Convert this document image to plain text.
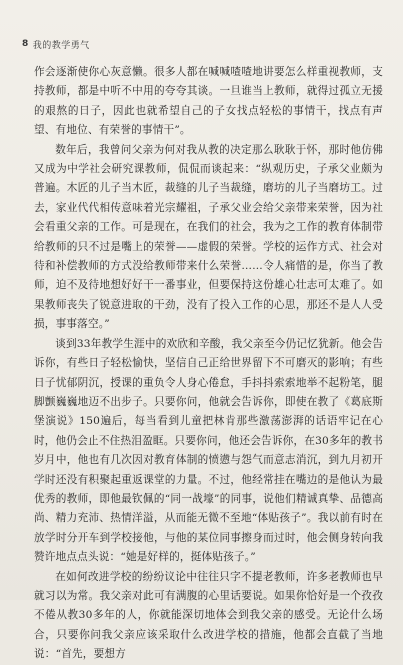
8 我的教学勇气

作会逐渐使你心灰意懒。很多人都在喊喊喳喳地讲要怎么样重视教师，支持教师，都是中听不中用的夸夸其谈。一旦谁当上教师，就得过孤立无援的艰熬的日子，因此也就希望自己的子女找点轻松的事情干，找点有声望、有地位、有荣誉的事情干”。

数年后，我曾问父亲为何对我从教的决定那么耿耿于怀，那时他仿佛又成为中学社会研究课教师，侃侃而谈起来：“纵观历史，子承父业颇为普遍。木匠的儿子当木匠，裁缝的儿子当裁缝，磨坊的儿子当磨坊工。过去，家业代代相传意味着光宗耀祖，子承父业会给父亲带来荣誉，因为社会看重父亲的工作。可是现在，在我们的社会，我为之工作的教育体制带给教师的只不过是嘴上的荣誉——虚假的荣誉。学校的运作方式、社会对待和补偿教师的方式没给教师带来什么荣誉……令人痛惜的是，你当了教师，迫不及待地想好好干一番事业，但要保持这份雄心壮志可太难了。如果教师丧失了锐意进取的干劲，没有了投入工作的心思，那还不是人人受损，事事落空。”

谈到33年教学生涯中的欢欣和辛酸，我父亲至今仍记忆犹新。他会告诉你，有些日子轻松愉快，坚信自己正给世界留下不可磨灭的影响；有些日子忧郁阴沉，授课的重负令人身心倦怠，手抖抖索索地举不起粉笔，腿脚颤巍巍地迈不出步子。只要你问，他就会告诉你，即使在教了《葛底斯堡演说》150遍后，每当看到儿童把林肯那些激荡澎湃的话语牢记在心时，他仍会止不住热泪盈眶。只要你问，他还会告诉你，在30多年的教书岁月中，他也有几次因对教育体制的愤懑与怨气而意志消沉，到九月初开学时还没有积聚起重返课堂的力量。不过，他经常挂在嘴边的是他认为最优秀的教师，即他最钦佩的“同一战壕”的同事，说他们精诚真挚、品德高尚、精力充沛、热情洋溢，从而能无微不至地“体贴孩子”。我以前有时在放学时分开车到学校接他，与他的某位同事擦身而过时，他会侧身转向我赞许地点点头说：“她是好样的，挺体贴孩子。”

在如何改进学校的纷纷议论中往往只字不提老教师，许多老教师也早就习以为常。我父亲对此可有满腹的心里话要说。如果你恰好是一个孜孜不倦从教30多年的人，你就能深切地体会到我父亲的感受。无论什么场合，只要你问我父亲应该采取什么改进学校的措施，他都会直截了当地说：“首先，要想方
